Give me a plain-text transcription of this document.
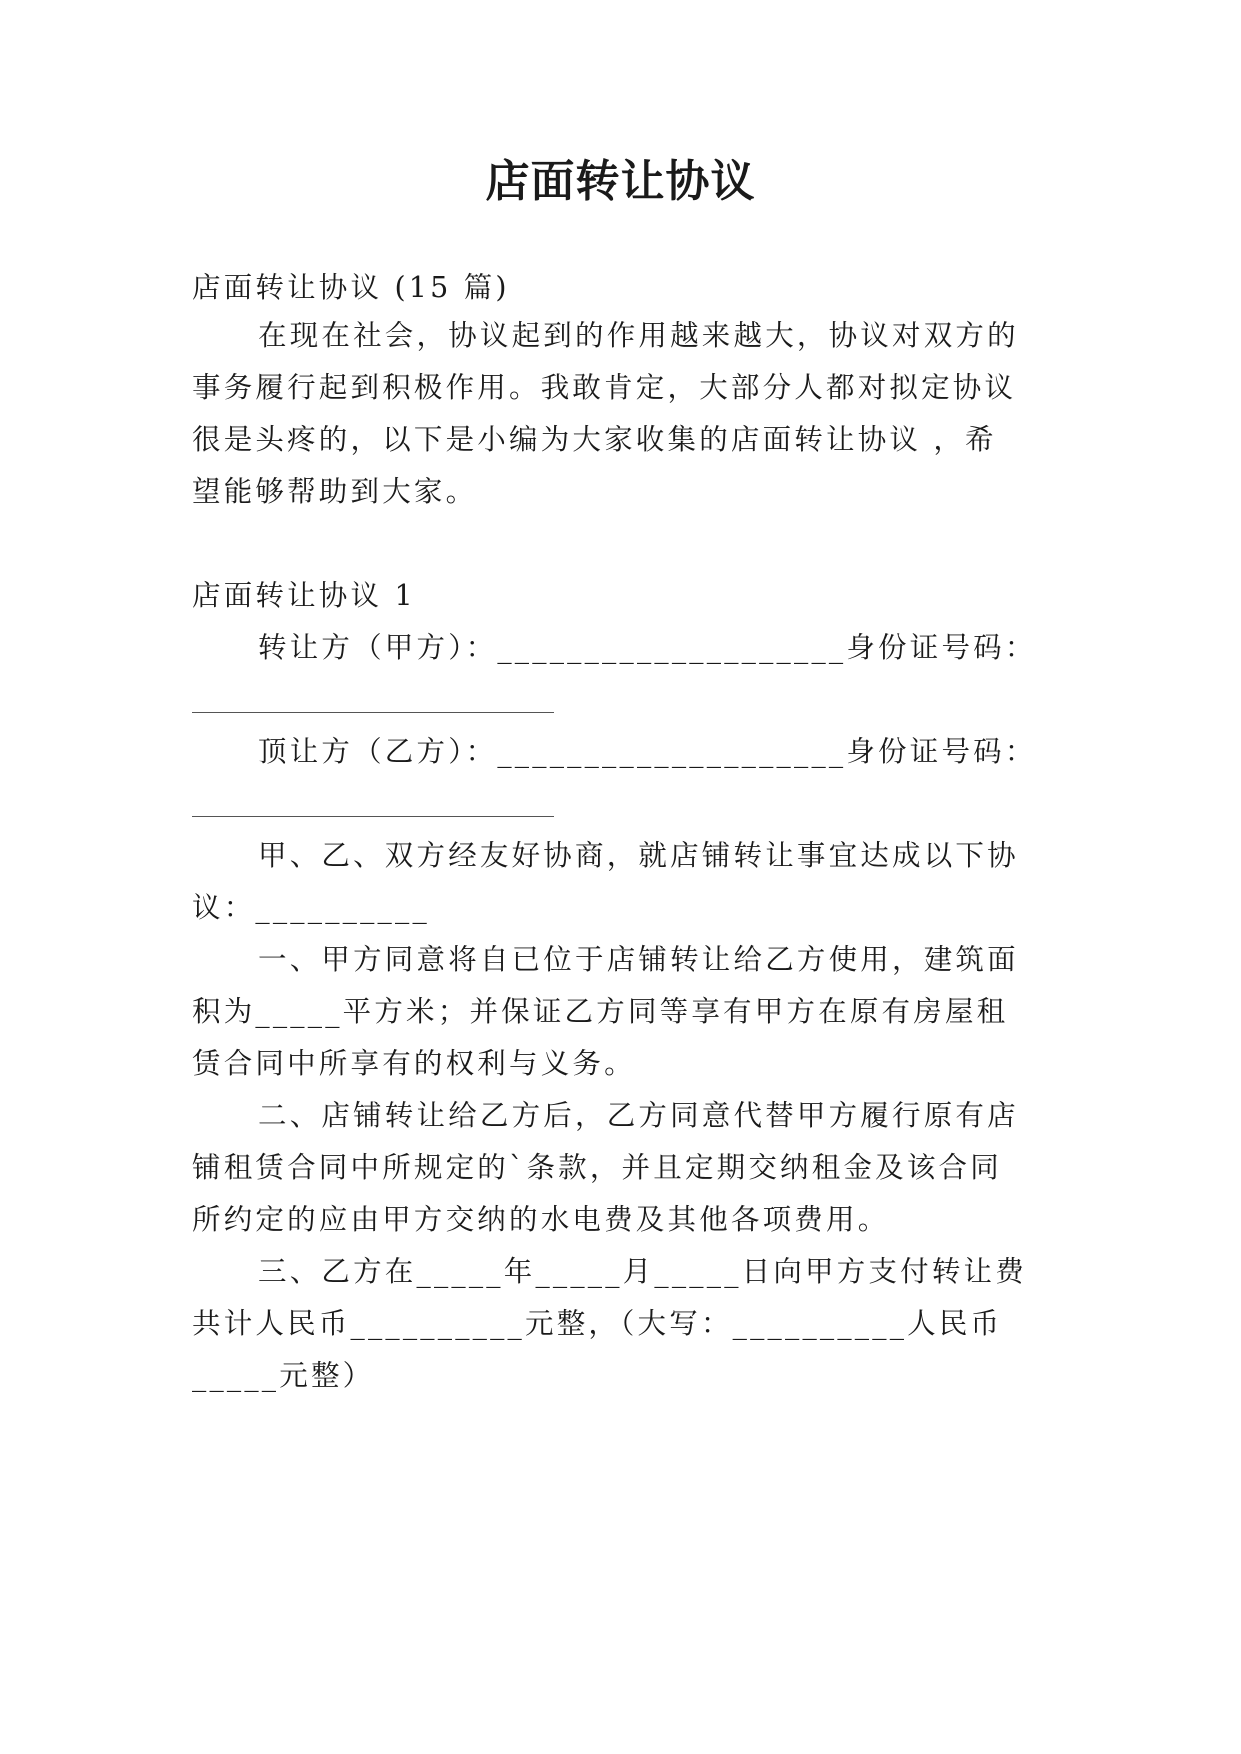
店面转让协议
店面转让协议 (15 篇)
在现在社会，协议起到的作用越来越大，协议对双方的
事务履行起到积极作用。我敢肯定，大部分人都对拟定协议
很是头疼的，以下是小编为大家收集的店面转让协议 ，希
望能够帮助到大家。
店面转让协议 1
转让方（甲方）：____________________身份证号码：
顶让方（乙方）：____________________身份证号码：
甲、乙、双方经友好协商，就店铺转让事宜达成以下协
议：__________
一、甲方同意将自已位于店铺转让给乙方使用，建筑面
积为_____平方米；并保证乙方同等享有甲方在原有房屋租
赁合同中所享有的权利与义务。
二、店铺转让给乙方后，乙方同意代替甲方履行原有店
铺租赁合同中所规定的`条款，并且定期交纳租金及该合同
所约定的应由甲方交纳的水电费及其他各项费用。
三、乙方在_____年_____月_____日向甲方支付转让费
共计人民币__________元整，（大写：__________人民币
_____元整）
